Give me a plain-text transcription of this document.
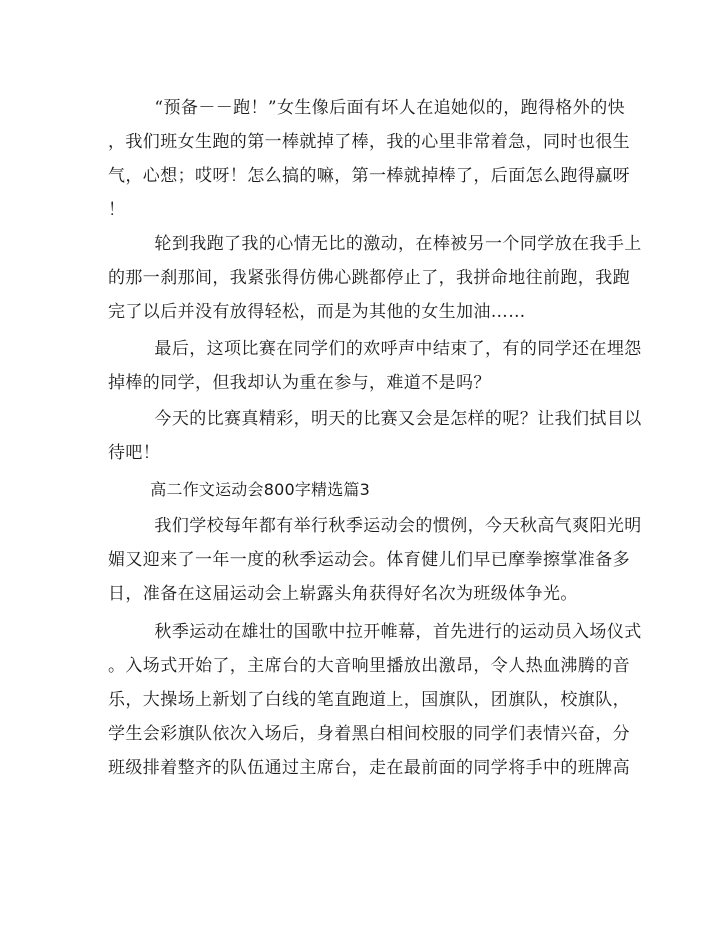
“预备－－跑！”女生像后面有坏人在追她似的，跑得格外的快
，我们班女生跑的第一棒就掉了棒，我的心里非常着急，同时也很生
气，心想；哎呀！怎么搞的嘛，第一棒就掉棒了，后面怎么跑得赢呀
！
轮到我跑了我的心情无比的激动，在棒被另一个同学放在我手上
的那一刹那间，我紧张得仿佛心跳都停止了，我拼命地往前跑，我跑
完了以后并没有放得轻松，而是为其他的女生加油……
最后，这项比赛在同学们的欢呼声中结束了，有的同学还在埋怨
掉棒的同学，但我却认为重在参与，难道不是吗？
今天的比赛真精彩，明天的比赛又会是怎样的呢？让我们拭目以
待吧！
高二作文运动会800字精选篇3
我们学校每年都有举行秋季运动会的惯例，今天秋高气爽阳光明
媚又迎来了一年一度的秋季运动会。体育健儿们早已摩拳擦掌准备多
日，准备在这届运动会上崭露头角获得好名次为班级体争光。
秋季运动在雄壮的国歌中拉开帷幕，首先进行的运动员入场仪式
。入场式开始了，主席台的大音响里播放出激昂，令人热血沸腾的音
乐，大操场上新划了白线的笔直跑道上，国旗队，团旗队，校旗队，
学生会彩旗队依次入场后，身着黑白相间校服的同学们表情兴奋，分
班级排着整齐的队伍通过主席台，走在最前面的同学将手中的班牌高
